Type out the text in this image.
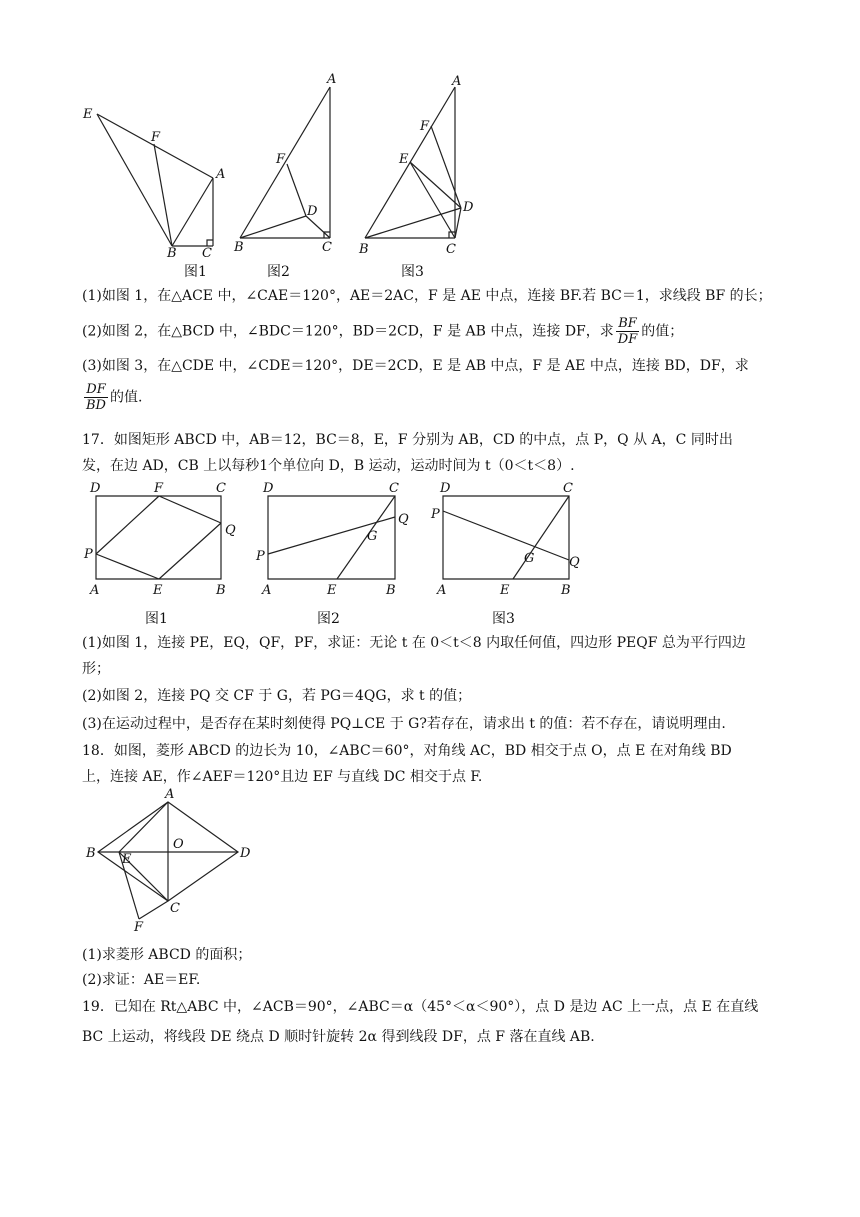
E
F
A
B C
图1
A
F
D
B	C
图2
A
F
E
D
B	C
图3
(1)如图 1，在△ACE 中，∠CAE＝120°，AE＝2AC，F 是 AE 中点，连接 BF.若 BC＝1，求线段 BF 的长；
(2)如图 2，在△BCD 中，∠BDC＝120°，BD＝2CD，F 是 AB 中点，连接 DF，求 $\frac{BF}{DF}$ 的值；
(3)如图 3，在△CDE 中，∠CDE＝120°，DE＝2CD，E 是 AB 中点，F 是 AE 中点，连接 BD，DF，求
$\frac{DF}{BD}$ 的值.
17．如图矩形 ABCD 中，AB＝12，BC＝8，E，F 分别为 AB，CD 的中点，点 P，Q 从 A，C 同时出
发，在边 AD，CB 上以每秒1个单位向 D，B 运动，运动时间为 t（0＜t＜8）.
D	F	C
Q
P
A	E	B
图1
D	C
Q
G
P
A	E	B
图2
D	C
P
G	Q
A	E	B
图3
(1)如图 1，连接 PE，EQ，QF，PF，求证：无论 t 在 0＜t＜8 内取任何值，四边形 PEQF 总为平行四边
形；
(2)如图 2，连接 PQ 交 CF 于 G，若 PG＝4QG，求 t 的值；
(3)在运动过程中，是否存在某时刻使得 PQ⊥CE 于 G?若存在，请求出 t 的值：若不存在，请说明理由.
18．如图，菱形 ABCD 的边长为 10，∠ABC＝60°，对角线 AC，BD 相交于点 O，点 E 在对角线 BD
上，连接 AE，作∠AEF＝120°且边 EF 与直线 DC 相交于点 F.
A
B E
O
D
C
F
(1)求菱形 ABCD 的面积；
(2)求证：AE＝EF.
19．已知在 Rt△ABC 中，∠ACB＝90°，∠ABC＝α（45°＜α＜90°），点 D 是边 AC 上一点，点 E 在直线
BC 上运动，将线段 DE 绕点 D 顺时针旋转 2α 得到线段 DF，点 F 落在直线 AB.
